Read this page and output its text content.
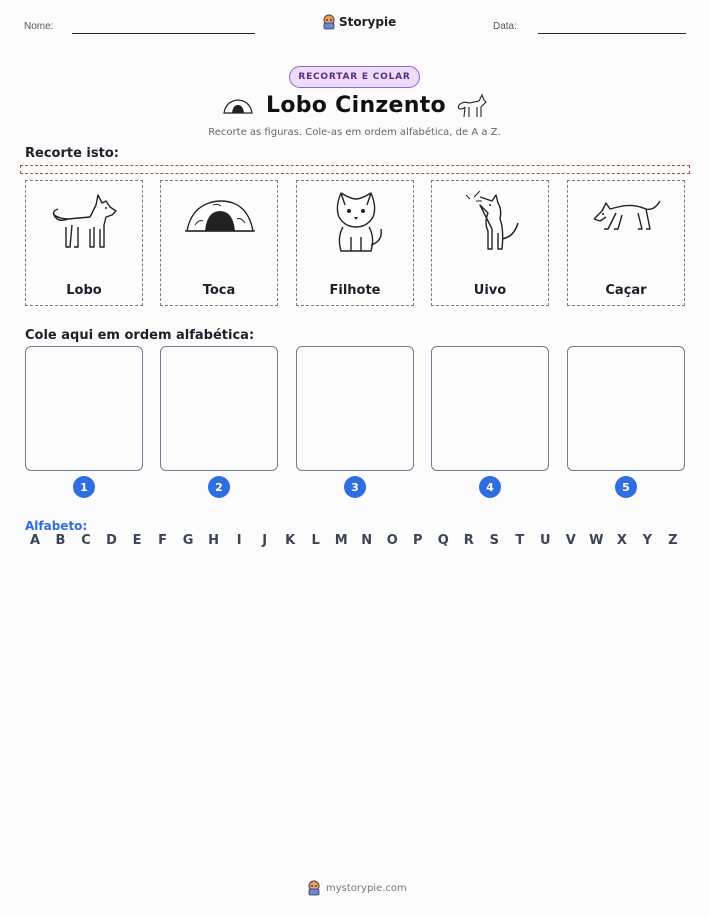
Nome:	Storypie	Data:
RECORTAR E COLAR
Lobo Cinzento
Recorte as figuras. Cole-as em ordem alfabética, de A a Z.
Recorte isto:
Lobo	Toca	Filhote	Uivo	Caçar
Cole aqui em ordem alfabética:
1	2	3	4	5
Alfabeto:
A	B	C	D	E	F	G	H	I	J	K	L	M	N	O	P	Q	R	S	T	U	V	W	X	Y	Z
mystorypie.com
